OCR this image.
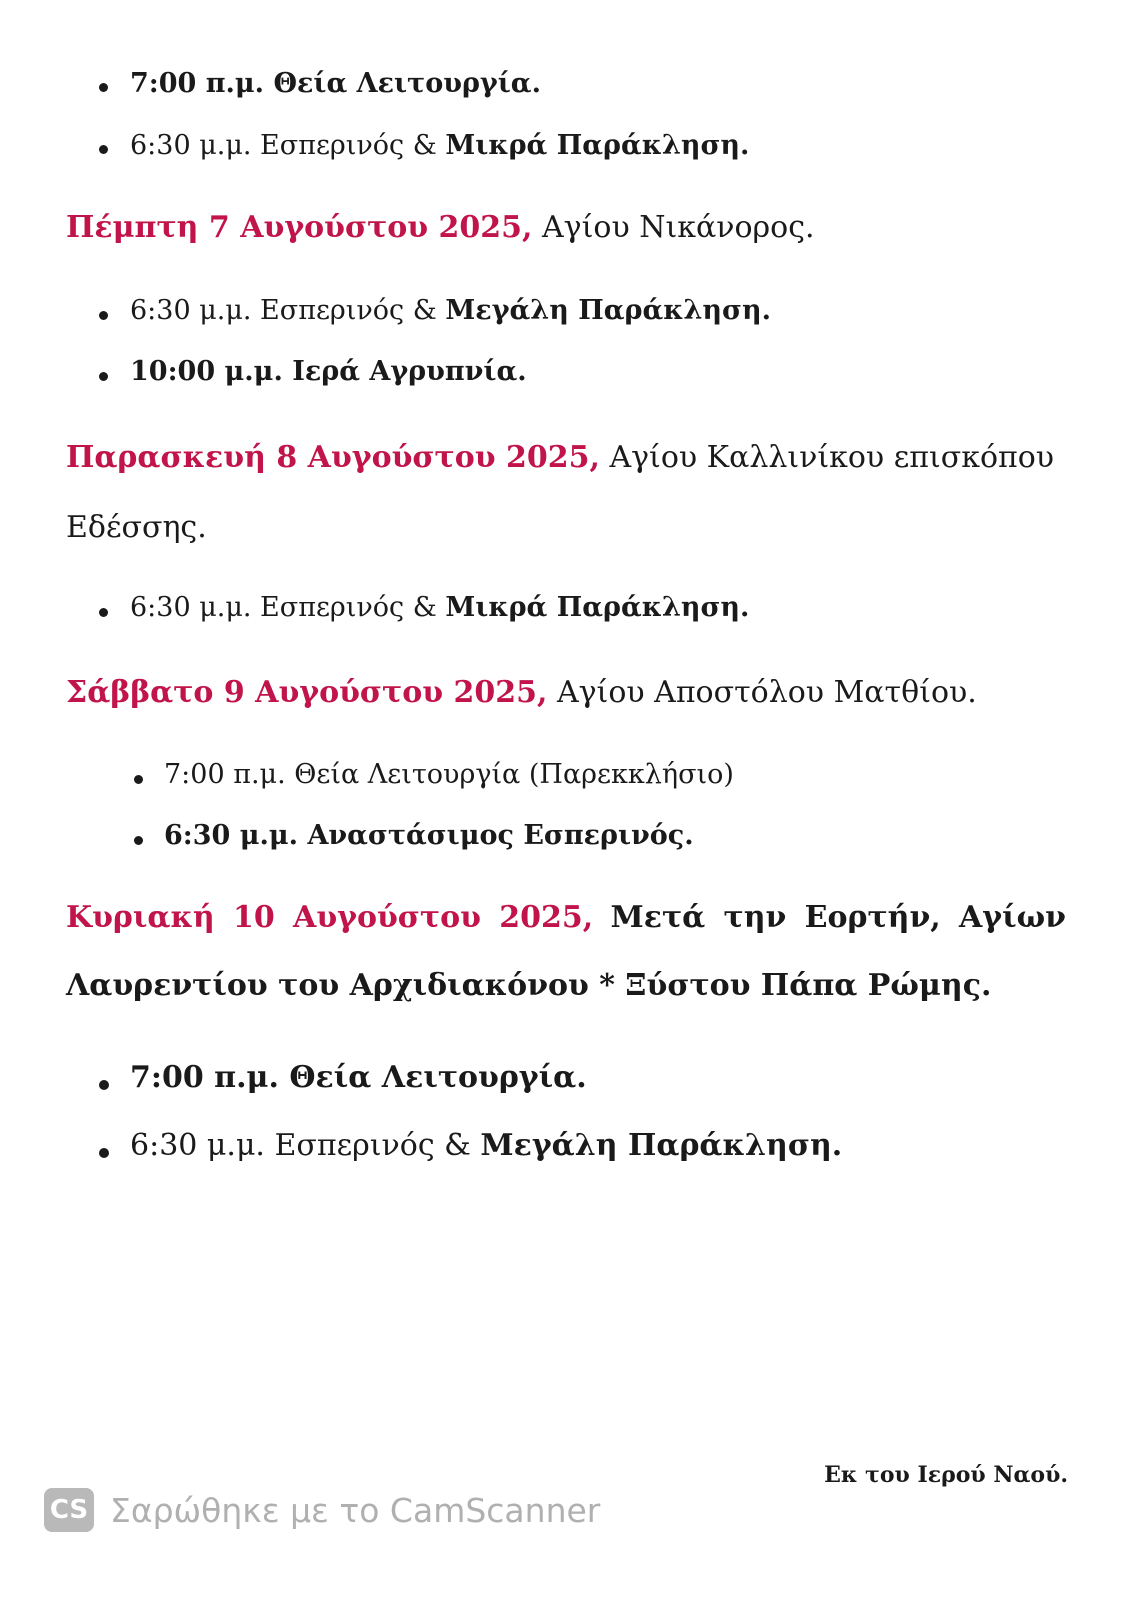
7:00 π.μ. Θεία Λειτουργία.
6:30 μ.μ. Εσπερινός & Μικρά Παράκληση.
Πέμπτη 7 Αυγούστου 2025, Αγίου Νικάνορος.
6:30 μ.μ. Εσπερινός & Μεγάλη Παράκληση.
10:00 μ.μ. Ιερά Αγρυπνία.
Παρασκευή 8 Αυγούστου 2025, Αγίου Καλλινίκου επισκόπου
Εδέσσης.
6:30 μ.μ. Εσπερινός & Μικρά Παράκληση.
Σάββατο 9 Αυγούστου 2025, Αγίου Αποστόλου Ματθίου.
7:00 π.μ. Θεία Λειτουργία (Παρεκκλήσιο)
6:30 μ.μ. Αναστάσιμος Εσπερινός.
Κυριακή 10 Αυγούστου 2025, Μετά την Εορτήν, Αγίων
Λαυρεντίου του Αρχιδιακόνου * Ξύστου Πάπα Ρώμης.
7:00 π.μ. Θεία Λειτουργία.
6:30 μ.μ. Εσπερινός & Μεγάλη Παράκληση.
Εκ του Ιερού Ναού.
CS Σαρώθηκε με το CamScanner
